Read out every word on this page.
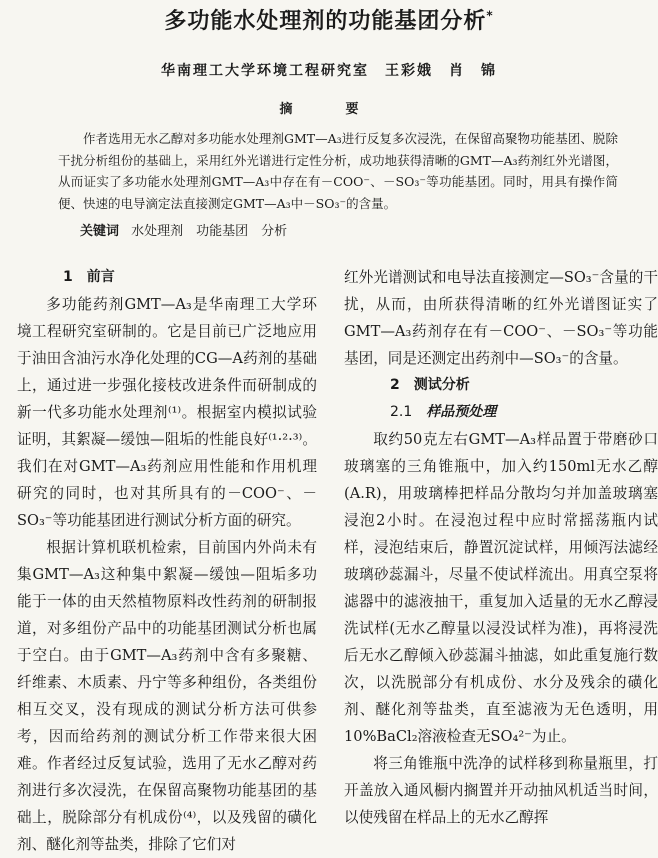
多功能水处理剂的功能基团分析*
华南理工大学环境工程研究室　王彩娥　肖　锦
摘　要

作者选用无水乙醇对多功能水处理剂GMT—A₃进行反复多次浸洗，在保留高聚物功能基团、脱除干扰分析组份的基础上，采用红外光谱进行定性分析，成功地获得清晰的GMT—A₃药剂红外光谱图，从而证实了多功能水处理剂GMT—A₃中存在有－COO⁻、－SO₃⁻等功能基团。同时，用具有操作简便、快速的电导滴定法直接测定GMT—A₃中－SO₃⁻的含量。

关键词 水处理剂　功能基团　分析

1　 前言

多功能药剂GMT—A₃是华南理工大学环境工程研究室研制的。它是目前已广泛地应用于油田含油污水净化处理的CG—A药剂的基础上，通过进一步强化接枝改进条件而研制成的新一代多功能水处理剂⁽¹⁾。根据室内模拟试验证明，其絮凝—缓蚀—阻垢的性能良好⁽¹·²·³⁾。我们在对GMT—A₃药剂应用性能和作用机理研究的同时，也对其所具有的－COO⁻、－SO₃⁻等功能基团进行测试分析方面的研究。

根据计算机联机检索，目前国内外尚未有集GMT—A₃这种集中絮凝—缓蚀—阻垢多功能于一体的由天然植物原料改性药剂的研制报道，对多组份产品中的功能基团测试分析也属于空白。由于GMT—A₃药剂中含有多聚糖、纤维素、木质素、丹宁等多种组份，各类组份相互交叉，没有现成的测试分析方法可供参考，因而给药剂的测试分析工作带来很大困难。作者经过反复试验，选用了无水乙醇对药剂进行多次浸洗，在保留高聚物功能基团的基础上，脱除部分有机成份⁽⁴⁾，以及残留的磺化剂、醚化剂等盐类，排除了它们对

红外光谱测试和电导法直接测定—SO₃⁻含量的干扰，从而，由所获得清晰的红外光谱图证实了GMT—A₃药剂存在有－COO⁻、－SO₃⁻等功能基团，同是还测定出药剂中—SO₃⁻的含量。

2　 测试分析

2.1　 样品预处理

取约50克左右GMT—A₃样品置于带磨砂口玻璃塞的三角锥瓶中，加入约150ml无水乙醇(A.R)，用玻璃棒把样品分散均匀并加盖玻璃塞浸泡2小时。在浸泡过程中应时常摇荡瓶内试样，浸泡结束后，静置沉淀试样，用倾泻法滤经玻璃砂蕊漏斗，尽量不使试样流出。用真空泵将滤器中的滤液抽干，重复加入适量的无水乙醇浸洗试样(无水乙醇量以浸没试样为准)，再将浸洗后无水乙醇倾入砂蕊漏斗抽滤，如此重复施行数次，以洗脱部分有机成份、水分及残余的磺化剂、醚化剂等盐类，直至滤液为无色透明，用10%BaCl₂溶液检查无SO₄²⁻为止。

将三角锥瓶中洗净的试样移到称量瓶里，打开盖放入通风橱内搁置并开动抽风机适当时间，以使残留在样品上的无水乙醇挥
